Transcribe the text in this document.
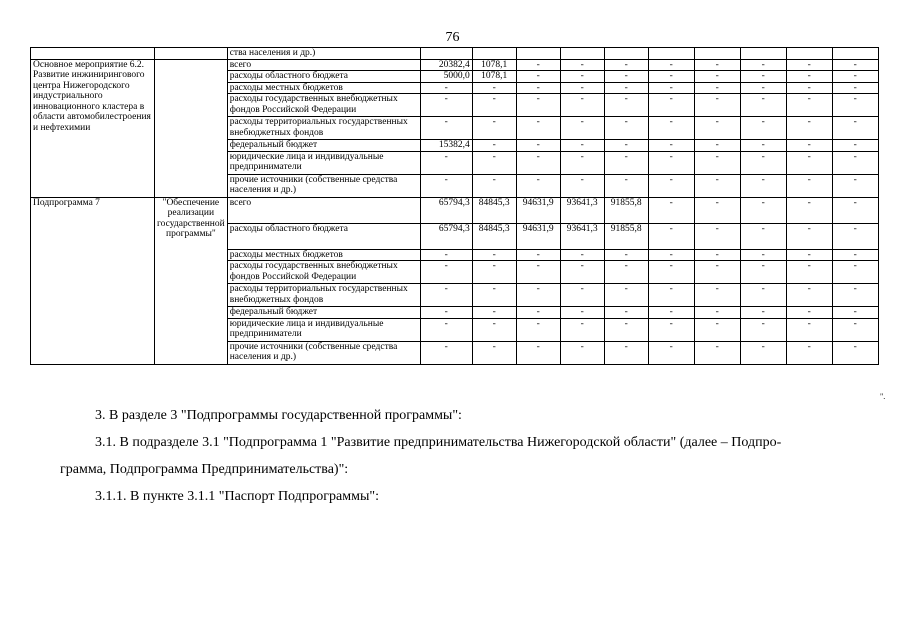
76
		ства населения и др.)										
Основное мероприятие 6.2. Развитие инжинирингового центра Нижегородского индустриального инновационного кластера в области автомобилестроения и нефтехимии		всего	20382,4	1078,1	-	-	-	-	-	-	-	-
		расходы областного бюджета	5000,0	1078,1	-	-	-	-	-	-	-	-
		расходы местных бюджетов	-	-	-	-	-	-	-	-	-	-
		расходы государственных внебюджетных фондов Российской Федерации	-	-	-	-	-	-	-	-	-	-
		расходы территориальных государственных внебюджетных фондов	-	-	-	-	-	-	-	-	-	-
		федеральный бюджет	15382,4	-	-	-	-	-	-	-	-	-
		юридические лица и индивидуальные предприниматели	-	-	-	-	-	-	-	-	-	-
		прочие источники (собственные средства населения и др.)	-	-	-	-	-	-	-	-	-	-
Подпрограмма 7	"Обеспечение реализации государственной программы"	всего	65794,3	84845,3	94631,9	93641,3	91855,8	-	-	-	-	-
		расходы областного бюджета	65794,3	84845,3	94631,9	93641,3	91855,8	-	-	-	-	-
		расходы местных бюджетов	-	-	-	-	-	-	-	-	-	-
		расходы государственных внебюджетных фондов Российской Федерации	-	-	-	-	-	-	-	-	-	-
		расходы территориальных государственных внебюджетных фондов	-	-	-	-	-	-	-	-	-	-
		федеральный бюджет	-	-	-	-	-	-	-	-	-	-
		юридические лица и индивидуальные предприниматели	-	-	-	-	-	-	-	-	-	-
		прочие источники (собственные средства населения и др.)	-	-	-	-	-	-	-	-	-	-
".
3. В разделе 3 "Подпрограммы государственной программы":
3.1. В подразделе 3.1 "Подпрограмма 1 "Развитие предпринимательства Нижегородской области" (далее – Подпро-
грамма, Подпрограмма Предпринимательства)":
3.1.1. В пункте 3.1.1 "Паспорт Подпрограммы":
